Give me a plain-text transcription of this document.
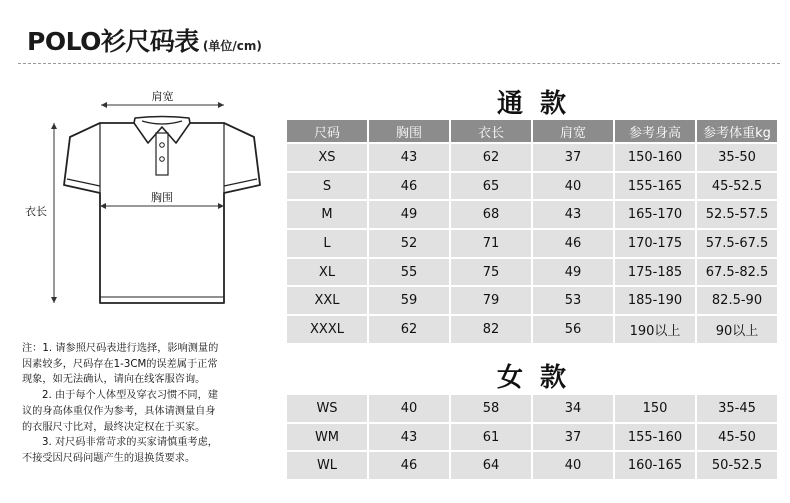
POLO衫尺码表 (单位/cm)
肩宽
衣长
胸围

注：1. 请参照尺码表进行选择，影响测量的

因素较多，尺码存在1-3CM的误差属于正常

现象，如无法确认，请向在线客服咨询。

2. 由于每个人体型及穿衣习惯不同，建

议的身高体重仅作为参考，具体请测量自身

的衣服尺寸比对，最终决定权在于买家。

3. 对尺码非常苛求的买家请慎重考虑，

不接受因尺码问题产生的退换货要求。

通 款
尺码	胸围	衣长	肩宽	参考身高	参考体重kg
XS	43	62	37	150-160	35-50
S	46	65	40	155-165	45-52.5
M	49	68	43	165-170	52.5-57.5
L	52	71	46	170-175	57.5-67.5
XL	55	75	49	175-185	67.5-82.5
XXL	59	79	53	185-190	82.5-90
XXXL	62	82	56	190以上	90以上
女 款
WS	40	58	34	150	35-45
WM	43	61	37	155-160	45-50
WL	46	64	40	160-165	50-52.5
